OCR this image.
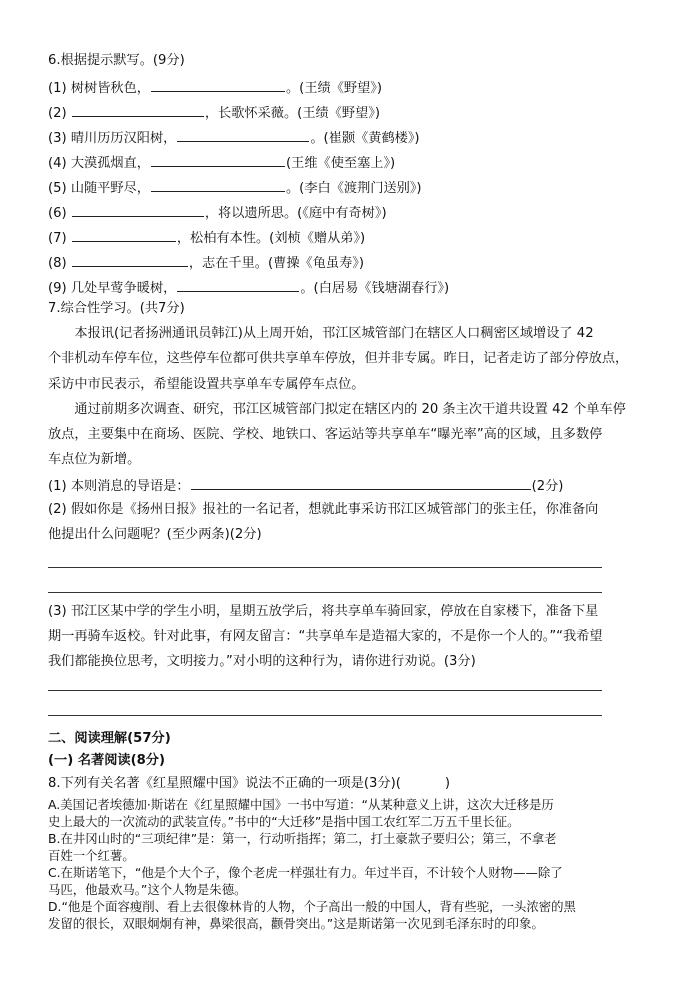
6.根据提示默写。(9分)
(1) 树树皆秋色，	。(王绩《野望》)
(2)	，长歌怀采薇。(王绩《野望》)
(3) 晴川历历汉阳树，	。(崔颢《黄鹤楼》)
(4) 大漠孤烟直，	(王维《使至塞上》)
(5) 山随平野尽，	。(李白《渡荆门送别》)
(6)	，将以遗所思。(《庭中有奇树》)
(7)	，松柏有本性。(刘桢《赠从弟》)
(8)	，志在千里。(曹操《龟虽寿》)
(9) 几处早莺争暖树，	。(白居易《钱塘湖春行》)
7.综合性学习。(共7分)
本报讯(记者扬洲通讯员韩江)从上周开始，邗江区城管部门在辖区人口稠密区域增设了 42
个非机动车停车位，这些停车位都可供共享单车停放，但并非专属。昨日，记者走访了部分停放点，
采访中市民表示，希望能设置共享单车专属停车点位。
通过前期多次调查、研究，邗江区城管部门拟定在辖区内的 20 条主次干道共设置 42 个单车停
放点，主要集中在商场、医院、学校、地铁口、客运站等共享单车“曝光率”高的区域，且多数停
车点位为新增。
(1) 本则消息的导语是：	(2分)
(2) 假如你是《扬州日报》报社的一名记者，想就此事采访邗江区城管部门的张主任，你准备向
他提出什么问题呢？(至少两条)(2分)
(3) 邗江区某中学的学生小明，星期五放学后，将共享单车骑回家，停放在自家楼下，准备下星
期一再骑车返校。针对此事，有网友留言：“共享单车是造福大家的，不是你一个人的。”“我希望
我们都能换位思考，文明接力。”对小明的这种行为，请你进行劝说。(3分)
二、阅读理解(57分)
(一) 名著阅读(8分)
8.下列有关名著《红星照耀中国》说法不正确的一项是(3分)(	)
A.美国记者埃德加·斯诺在《红星照耀中国》一书中写道：“从某种意义上讲，这次大迁移是历
史上最大的一次流动的武装宣传。”书中的“大迁移”是指中国工农红军二万五千里长征。
B.在井冈山时的“三项纪律”是：第一，行动听指挥；第二，打土豪款子要归公；第三，不拿老
百姓一个红薯。
C.在斯诺笔下，“他是个大个子，像个老虎一样强壮有力。年过半百，不计较个人财物——除了
马匹，他最欢马。”这个人物是朱德。
D.“他是个面容瘦削、看上去很像林肯的人物，个子高出一般的中国人，背有些驼，一头浓密的黑
发留的很长，双眼炯炯有神，鼻梁很高，颧骨突出。”这是斯诺第一次见到毛泽东时的印象。
